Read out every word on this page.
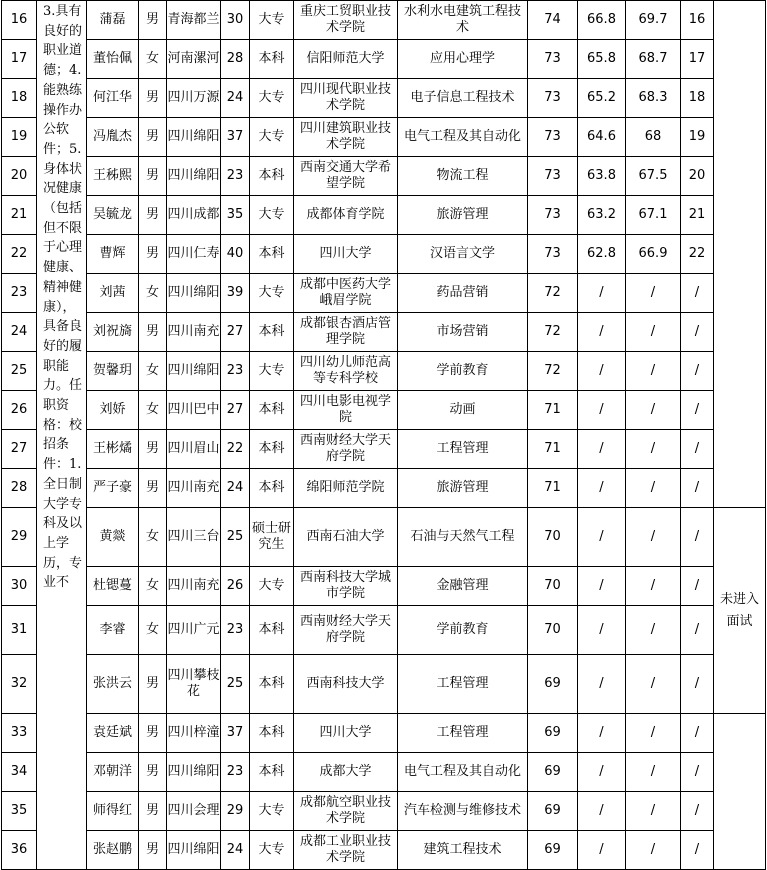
16	3.具有良好的职业道德；4.能熟练操作办公软件；5.身体状况健康（包括但不限于心理健康、精神健康），具备良好的履职能力。任职资格：校招条件：1.全日制大学专科及以上学历，专业不	蒲磊	男	青海都兰	30	大专	重庆工贸职业技术学院	水利水电建筑工程技术	74	66.8	69.7	16	
17		董怡佩	女	河南漯河	28	本科	信阳师范大学	应用心理学	73	65.8	68.7	17	
18		何江华	男	四川万源	24	大专	四川现代职业技术学院	电子信息工程技术	73	65.2	68.3	18	
19		冯胤杰	男	四川绵阳	37	大专	四川建筑职业技术学院	电气工程及其自动化	73	64.6	68	19	
20		王秭熙	男	四川绵阳	23	本科	西南交通大学希望学院	物流工程	73	63.8	67.5	20	
21		吴毓龙	男	四川成都	35	大专	成都体育学院	旅游管理	73	63.2	67.1	21	
22		曹辉	男	四川仁寿	40	本科	四川大学	汉语言文学	73	62.8	66.9	22	
23		刘茜	女	四川绵阳	39	大专	成都中医药大学峨眉学院	药品营销	72	/	/	/	
24		刘祝旖	男	四川南充	27	本科	成都银杏酒店管理学院	市场营销	72	/	/	/	
25		贺馨玥	女	四川绵阳	23	大专	四川幼儿师范高等专科学校	学前教育	72	/	/	/	
26		刘娇	女	四川巴中	27	本科	四川电影电视学院	动画	71	/	/	/	
27		王彬燏	男	四川眉山	22	本科	西南财经大学天府学院	工程管理	71	/	/	/	
28		严子豪	男	四川南充	24	本科	绵阳师范学院	旅游管理	71	/	/	/	
29		黄燚	女	四川三台	25	硕士研究生	西南石油大学	石油与天然气工程	70	/	/	/	未进入面试
30		杜锶蔓	女	四川南充	26	大专	西南科技大学城市学院	金融管理	70	/	/	/	
31		李睿	女	四川广元	23	本科	西南财经大学天府学院	学前教育	70	/	/	/	
32		张洪云	男	四川攀枝花	25	本科	西南科技大学	工程管理	69	/	/	/	
33		袁廷斌	男	四川梓潼	37	本科	四川大学	工程管理	69	/	/	/	
34		邓朝洋	男	四川绵阳	23	本科	成都大学	电气工程及其自动化	69	/	/	/	
35		师得红	男	四川会理	29	大专	成都航空职业技术学院	汽车检测与维修技术	69	/	/	/	
36		张赵鹏	男	四川绵阳	24	大专	成都工业职业技术学院	建筑工程技术	69	/	/	/	
